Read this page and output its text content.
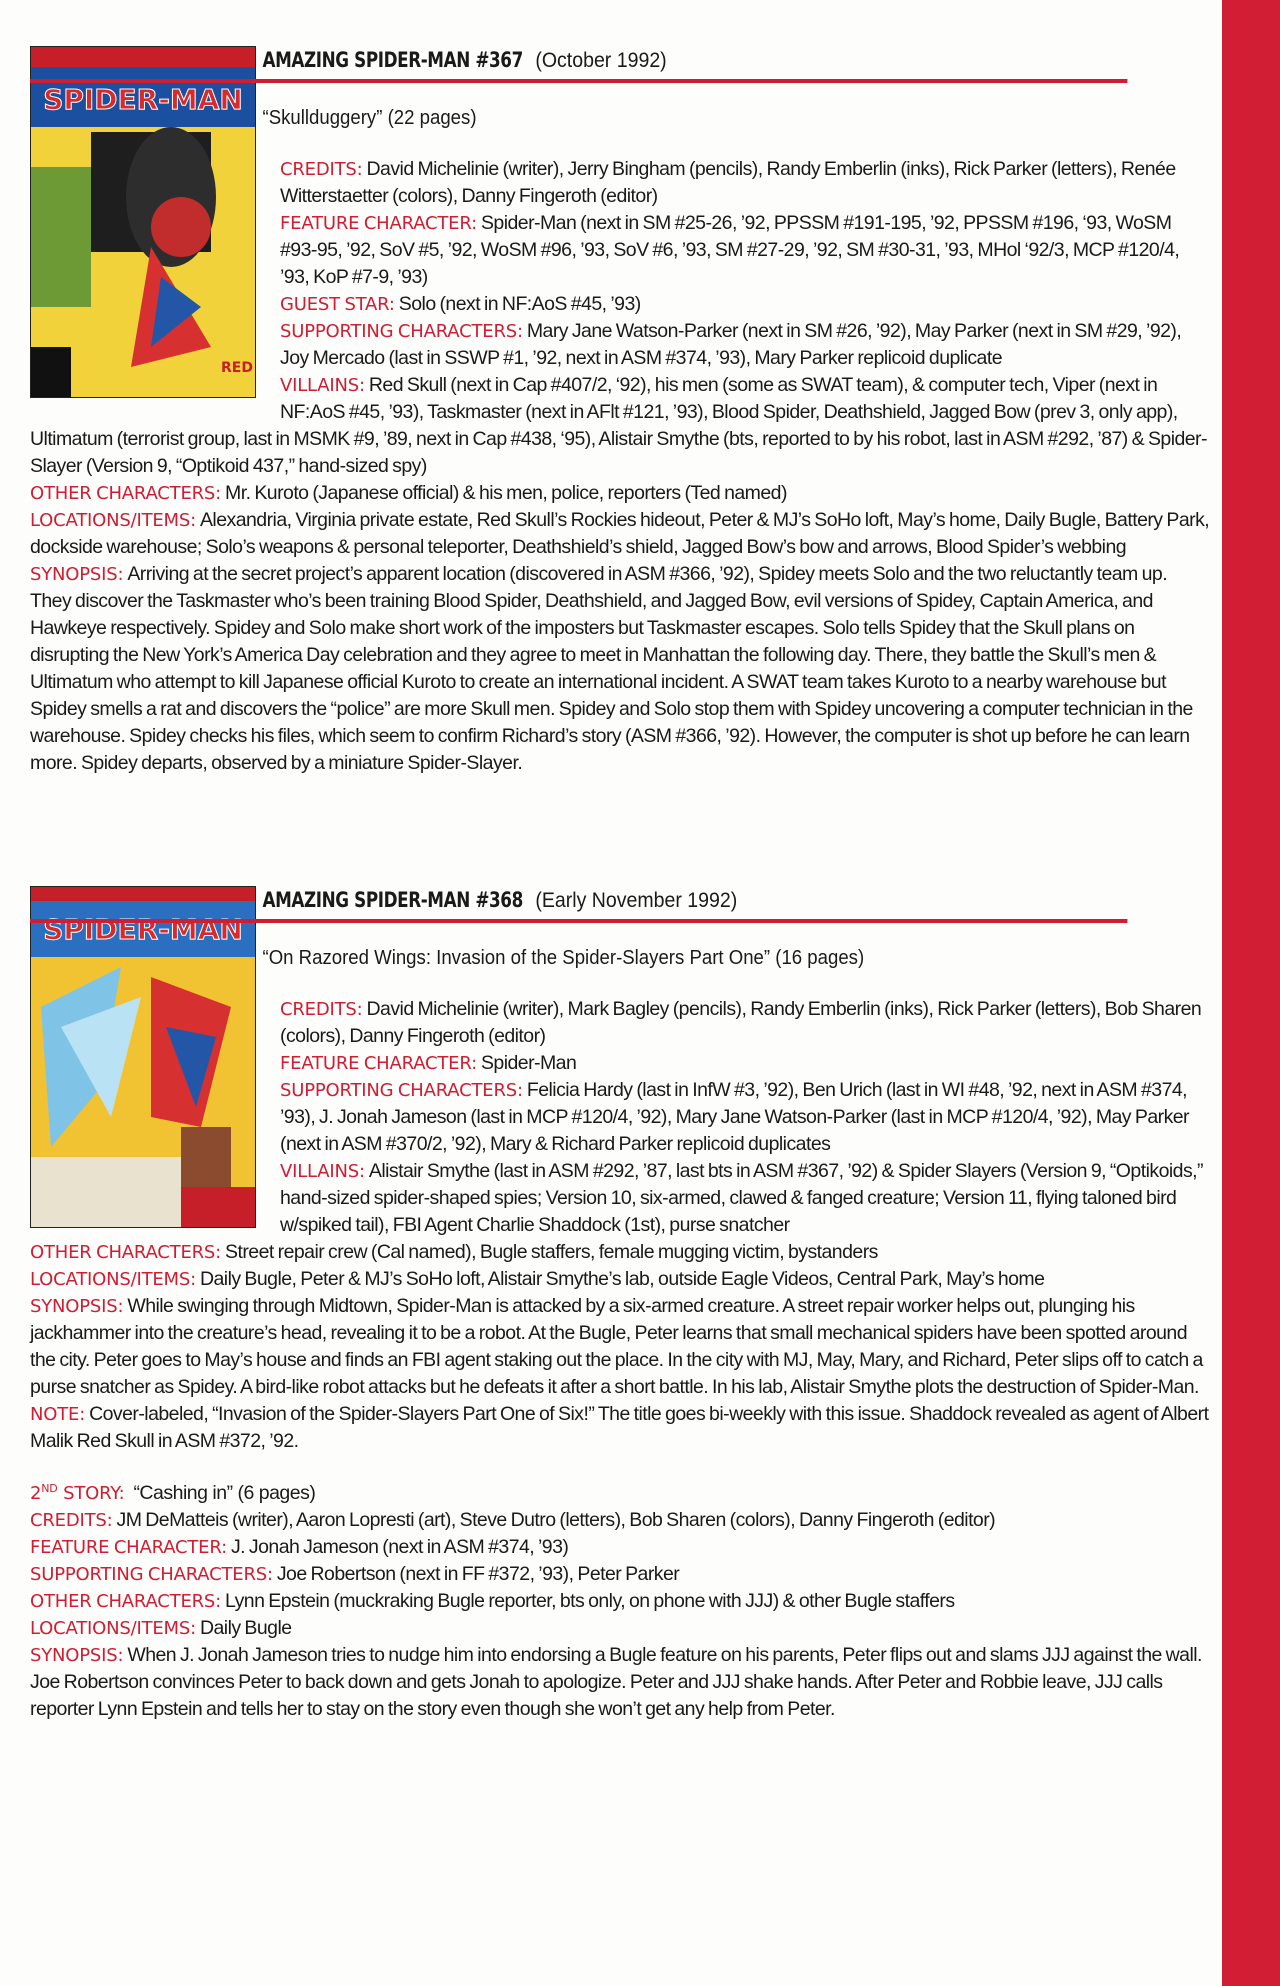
SPIDER-MAN
RED
AMAZING SPIDER-MAN #367 (October 1992)
“Skullduggery” (22 pages)

CREDITS: David Michelinie (writer), Jerry Bingham (pencils), Randy Emberlin (inks), Rick Parker (letters), Renée Witterstaetter (colors), Danny Fingeroth (editor)

FEATURE CHARACTER: Spider-Man (next in SM #25-26, ’92, PPSSM #191-195, ’92, PPSSM #196, ‘93, WoSM #93-95, ’92, SoV #5, ’92, WoSM #96, ’93, SoV #6, ’93, SM #27-29, ’92, SM #30-31, ’93, MHol ‘92/3, MCP #120/4, ’93, KoP #7-9, ’93)

GUEST STAR: Solo (next in NF:AoS #45, ’93)

SUPPORTING CHARACTERS: Mary Jane Watson-Parker (next in SM #26, ’92), May Parker (next in SM #29, ’92), Joy Mercado (last in SSWP #1, ’92, next in ASM #374, ’93), Mary Parker replicoid duplicate

VILLAINS: Red Skull (next in Cap #407/2, ‘92), his men (some as SWAT team), & computer tech, Viper (next in NF:AoS #45, ’93), Taskmaster (next in AFlt #121, ’93), Blood Spider, Deathshield, Jagged Bow (prev 3, only app), Ultimatum (terrorist group, last in MSMK #9, ’89, next in Cap #438, ‘95), Alistair Smythe (bts, reported to by his robot, last in ASM #292, ’87) & Spider-Slayer (Version 9, “Optikoid 437,” hand-sized spy)

OTHER CHARACTERS: Mr. Kuroto (Japanese official) & his men, police, reporters (Ted named)

LOCATIONS/ITEMS: Alexandria, Virginia private estate, Red Skull’s Rockies hideout, Peter & MJ’s SoHo loft, May’s home, Daily Bugle, Battery Park, dockside warehouse; Solo’s weapons & personal teleporter, Deathshield’s shield, Jagged Bow’s bow and arrows, Blood Spider’s webbing

SYNOPSIS: Arriving at the secret project’s apparent location (discovered in ASM #366, ’92), Spidey meets Solo and the two reluctantly team up. They discover the Taskmaster who’s been training Blood Spider, Deathshield, and Jagged Bow, evil versions of Spidey, Captain America, and Hawkeye respectively. Spidey and Solo make short work of the imposters but Taskmaster escapes. Solo tells Spidey that the Skull plans on disrupting the New York’s America Day celebration and they agree to meet in Manhattan the following day. There, they battle the Skull’s men & Ultimatum who attempt to kill Japanese official Kuroto to create an international incident. A SWAT team takes Kuroto to a nearby warehouse but Spidey smells a rat and discovers the “police” are more Skull men. Spidey and Solo stop them with Spidey uncovering a computer technician in the warehouse. Spidey checks his files, which seem to confirm Richard’s story (ASM #366, ’92). However, the computer is shot up before he can learn more. Spidey departs, observed by a miniature Spider-Slayer.

SPIDER-MAN
AMAZING SPIDER-MAN #368 (Early November 1992)
“On Razored Wings: Invasion of the Spider-Slayers Part One” (16 pages)

CREDITS: David Michelinie (writer), Mark Bagley (pencils), Randy Emberlin (inks), Rick Parker (letters), Bob Sharen (colors), Danny Fingeroth (editor)

FEATURE CHARACTER: Spider-Man

SUPPORTING CHARACTERS: Felicia Hardy (last in InfW #3, ’92), Ben Urich (last in WI #48, ’92, next in ASM #374, ’93), J. Jonah Jameson (last in MCP #120/4, ’92), Mary Jane Watson-Parker (last in MCP #120/4, ’92), May Parker (next in ASM #370/2, ’92), Mary & Richard Parker replicoid duplicates

VILLAINS: Alistair Smythe (last in ASM #292, ’87, last bts in ASM #367, ’92) & Spider Slayers (Version 9, “Optikoids,” hand-sized spider-shaped spies; Version 10, six-armed, clawed & fanged creature; Version 11, flying taloned bird w/spiked tail), FBI Agent Charlie Shaddock (1st), purse snatcher

OTHER CHARACTERS: Street repair crew (Cal named), Bugle staffers, female mugging victim, bystanders

LOCATIONS/ITEMS: Daily Bugle, Peter & MJ’s SoHo loft, Alistair Smythe’s lab, outside Eagle Videos, Central Park, May’s home

SYNOPSIS: While swinging through Midtown, Spider-Man is attacked by a six-armed creature. A street repair worker helps out, plunging his jackhammer into the creature’s head, revealing it to be a robot. At the Bugle, Peter learns that small mechanical spiders have been spotted around the city. Peter goes to May’s house and finds an FBI agent staking out the place. In the city with MJ, May, Mary, and Richard, Peter slips off to catch a purse snatcher as Spidey. A bird-like robot attacks but he defeats it after a short battle. In his lab, Alistair Smythe plots the destruction of Spider-Man.

NOTE: Cover-labeled, “Invasion of the Spider-Slayers Part One of Six!” The title goes bi-weekly with this issue. Shaddock revealed as agent of Albert Malik Red Skull in ASM #372, ’92.

2ND STORY: “Cashing in” (6 pages)

CREDITS: JM DeMatteis (writer), Aaron Lopresti (art), Steve Dutro (letters), Bob Sharen (colors), Danny Fingeroth (editor)

FEATURE CHARACTER: J. Jonah Jameson (next in ASM #374, ’93)

SUPPORTING CHARACTERS: Joe Robertson (next in FF #372, ’93), Peter Parker

OTHER CHARACTERS: Lynn Epstein (muckraking Bugle reporter, bts only, on phone with JJJ) & other Bugle staffers

LOCATIONS/ITEMS: Daily Bugle

SYNOPSIS: When J. Jonah Jameson tries to nudge him into endorsing a Bugle feature on his parents, Peter flips out and slams JJJ against the wall. Joe Robertson convinces Peter to back down and gets Jonah to apologize. Peter and JJJ shake hands. After Peter and Robbie leave, JJJ calls reporter Lynn Epstein and tells her to stay on the story even though she won’t get any help from Peter.
